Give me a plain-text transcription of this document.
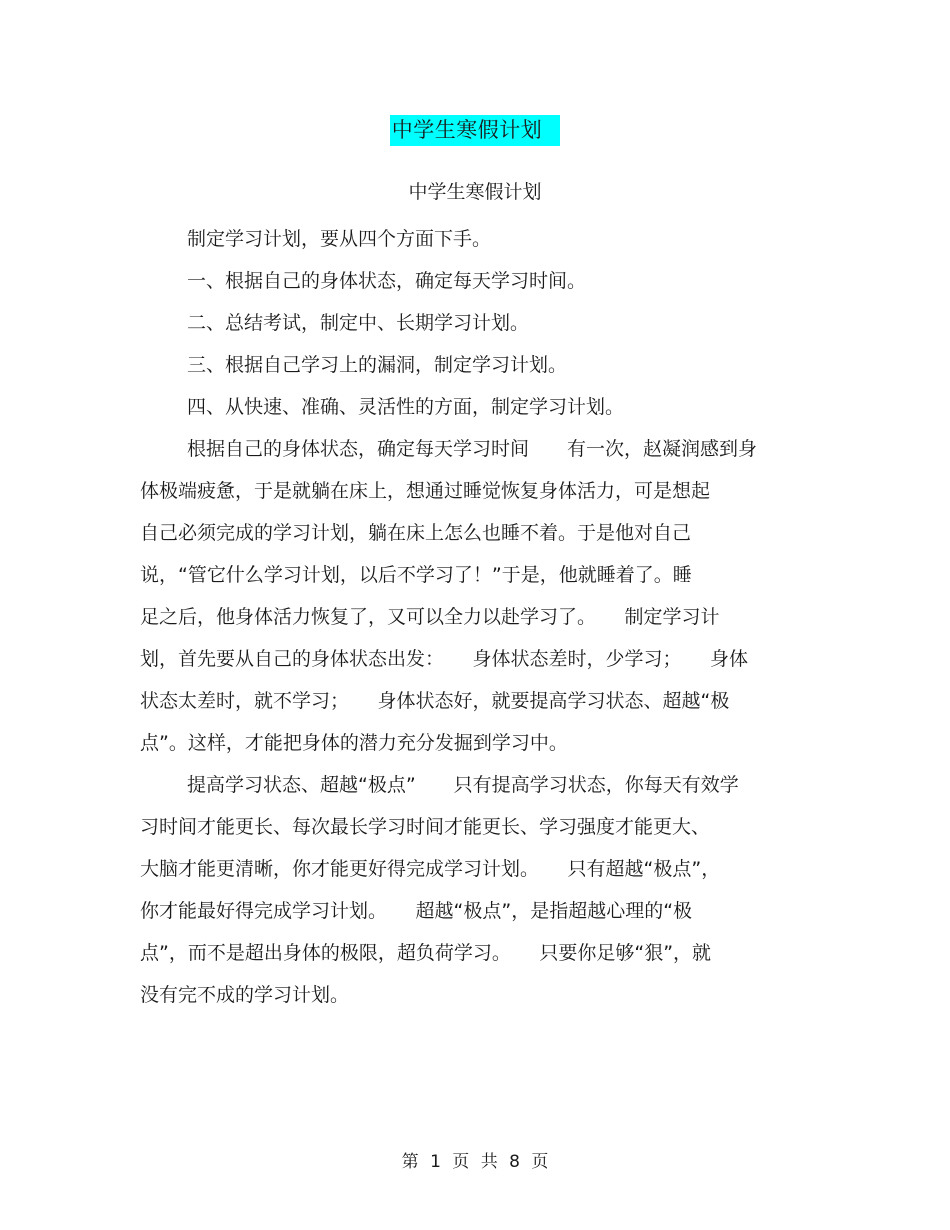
中学生寒假计划
中学生寒假计划
制定学习计划，要从四个方面下手。
一、根据自己的身体状态，确定每天学习时间。
二、总结考试，制定中、长期学习计划。
三、根据自己学习上的漏洞，制定学习计划。
四、从快速、准确、灵活性的方面，制定学习计划。
根据自己的身体状态，确定每天学习时间　　有一次，赵凝润感到身
体极端疲惫，于是就躺在床上，想通过睡觉恢复身体活力，可是想起
自己必须完成的学习计划，躺在床上怎么也睡不着。于是他对自己
说，“管它什么学习计划，以后不学习了！”于是，他就睡着了。睡
足之后，他身体活力恢复了，又可以全力以赴学习了。　　制定学习计
划，首先要从自己的身体状态出发：　　身体状态差时，少学习；　　身体
状态太差时，就不学习；　　身体状态好，就要提高学习状态、超越“极
点”。这样，才能把身体的潜力充分发掘到学习中。
提高学习状态、超越“极点”　　只有提高学习状态，你每天有效学
习时间才能更长、每次最长学习时间才能更长、学习强度才能更大、
大脑才能更清晰，你才能更好得完成学习计划。　　只有超越“极点”，
你才能最好得完成学习计划。　　超越“极点”，是指超越心理的“极
点”，而不是超出身体的极限，超负荷学习。　　只要你足够“狠”，就
没有完不成的学习计划。
第 1 页 共 8 页
